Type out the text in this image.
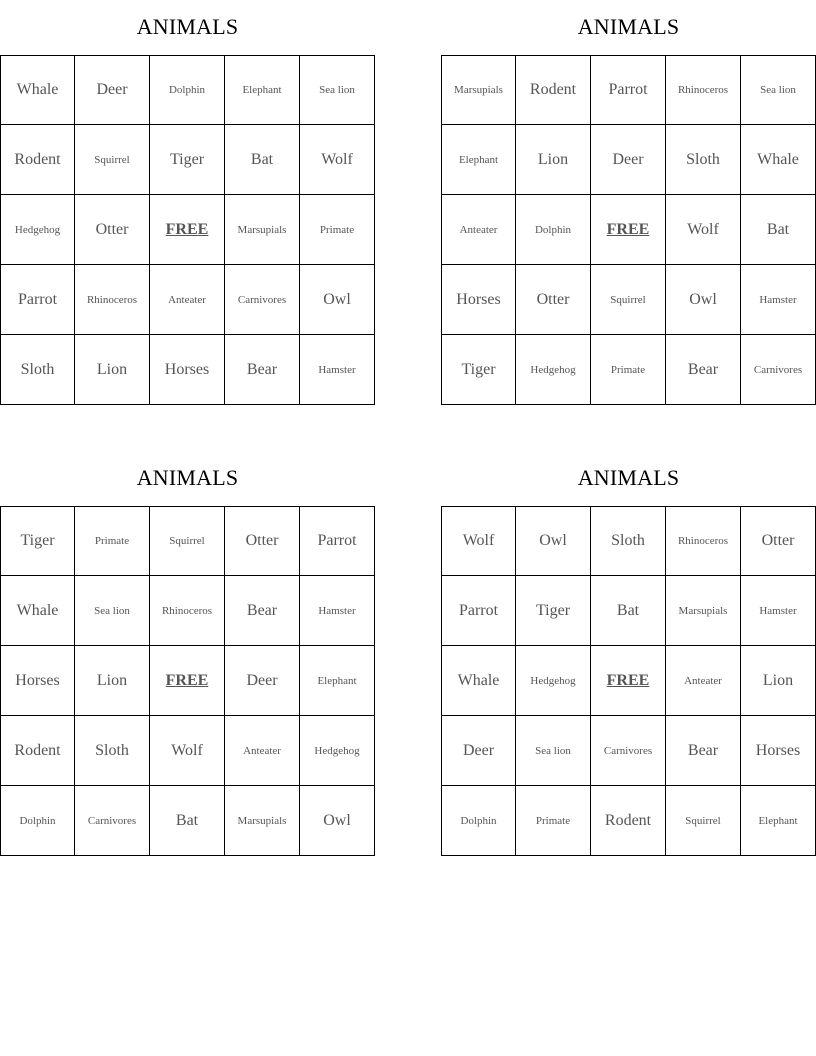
ANIMALS
Whale	Deer	Dolphin	Elephant	Sea lion
Rodent	Squirrel	Tiger	Bat	Wolf
Hedgehog	Otter	FREE	Marsupials	Primate
Parrot	Rhinoceros	Anteater	Carnivores	Owl
Sloth	Lion	Horses	Bear	Hamster
ANIMALS
Marsupials	Rodent	Parrot	Rhinoceros	Sea lion
Elephant	Lion	Deer	Sloth	Whale
Anteater	Dolphin	FREE	Wolf	Bat
Horses	Otter	Squirrel	Owl	Hamster
Tiger	Hedgehog	Primate	Bear	Carnivores
ANIMALS
Tiger	Primate	Squirrel	Otter	Parrot
Whale	Sea lion	Rhinoceros	Bear	Hamster
Horses	Lion	FREE	Deer	Elephant
Rodent	Sloth	Wolf	Anteater	Hedgehog
Dolphin	Carnivores	Bat	Marsupials	Owl
ANIMALS
Wolf	Owl	Sloth	Rhinoceros	Otter
Parrot	Tiger	Bat	Marsupials	Hamster
Whale	Hedgehog	FREE	Anteater	Lion
Deer	Sea lion	Carnivores	Bear	Horses
Dolphin	Primate	Rodent	Squirrel	Elephant
